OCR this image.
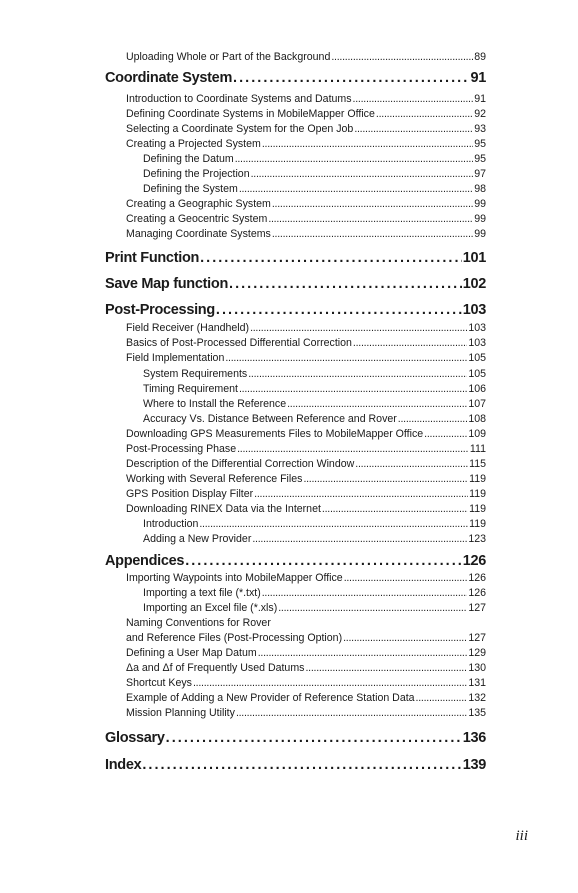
Uploading Whole or Part of the Background . . .	89
Coordinate System . . .	91
Introduction to Coordinate Systems and Datums . . .	91
Defining Coordinate Systems in MobileMapper Office . . .	92
Selecting a Coordinate System for the Open Job . . .	93
Creating a Projected System . . .	95
Defining the Datum . . .	95
Defining the Projection . . .	97
Defining the System . . .	98
Creating a Geographic System . . .	99
Creating a Geocentric System . . .	99
Managing Coordinate Systems . . .	99
Print Function . . .	101
Save Map function . . .	102
Post-Processing . . .	103
Field Receiver (Handheld) . . .	103
Basics of Post-Processed Differential Correction . . .	103
Field Implementation . . .	105
System Requirements . . .	105
Timing Requirement . . .	106
Where to Install the Reference . . .	107
Accuracy Vs. Distance Between Reference and Rover . . .	108
Downloading GPS Measurements Files to MobileMapper Office . . .	109
Post-Processing Phase . . .	111
Description of the Differential Correction Window . . .	115
Working with Several Reference Files . . .	119
GPS Position Display Filter . . .	119
Downloading RINEX Data via the Internet . . .	119
Introduction . . .	119
Adding a New Provider . . .	123
Appendices . . .	126
Importing Waypoints into MobileMapper Office . . .	126
Importing a text file (*.txt) . . .	126
Importing an Excel file (*.xls) . . .	127
Naming Conventions for Rover
and Reference Files (Post-Processing Option) . . .	127
Defining a User Map Datum . . .	129
Δa and Δf of Frequently Used Datums . . .	130
Shortcut Keys . . .	131
Example of Adding a New Provider of Reference Station Data . . .	132
Mission Planning Utility . . .	135
Glossary . . .	136
Index . . .	139
iii
